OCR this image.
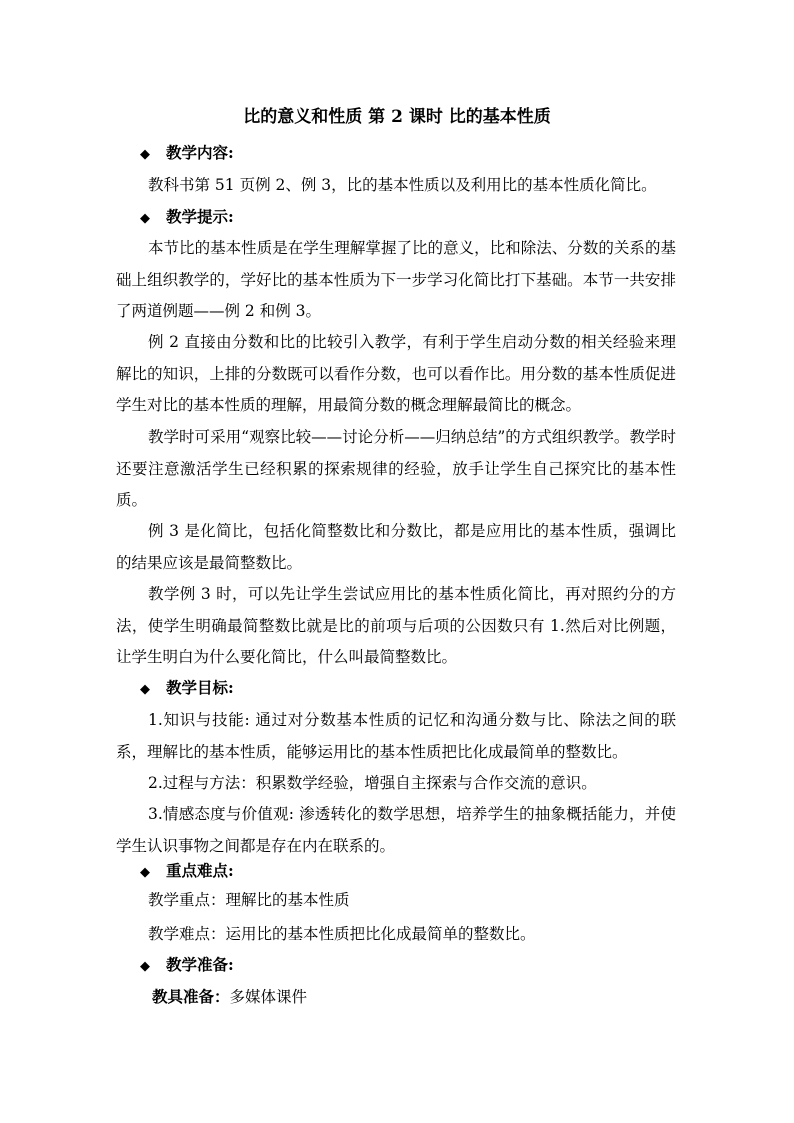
比的意义和性质 第 2 课时 比的基本性质
◆ 教学内容:
教科书第 51 页例 2、例 3，比的基本性质以及利用比的基本性质化简比。
◆ 教学提示:
本节比的基本性质是在学生理解掌握了比的意义，比和除法、分数的关系的基础上组织教学的，学好比的基本性质为下一步学习化简比打下基础。本节一共安排了两道例题——例 2 和例 3。
例 2 直接由分数和比的比较引入教学，有利于学生启动分数的相关经验来理解比的知识，上排的分数既可以看作分数，也可以看作比。用分数的基本性质促进学生对比的基本性质的理解，用最简分数的概念理解最简比的概念。
教学时可采用“观察比较——讨论分析——归纳总结”的方式组织教学。教学时还要注意激活学生已经积累的探索规律的经验，放手让学生自己探究比的基本性质。
例 3 是化简比，包括化简整数比和分数比，都是应用比的基本性质，强调比的结果应该是最简整数比。
教学例 3 时，可以先让学生尝试应用比的基本性质化简比，再对照约分的方法，使学生明确最简整数比就是比的前项与后项的公因数只有 1.然后对比例题，让学生明白为什么要化简比，什么叫最简整数比。
◆ 教学目标:
1.知识与技能: 通过对分数基本性质的记忆和沟通分数与比、除法之间的联系，理解比的基本性质，能够运用比的基本性质把比化成最简单的整数比。
2.过程与方法：积累数学经验，增强自主探索与合作交流的意识。
3.情感态度与价值观: 渗透转化的数学思想，培养学生的抽象概括能力，并使学生认识事物之间都是存在内在联系的。
◆ 重点难点:
教学重点：理解比的基本性质
教学难点：运用比的基本性质把比化成最简单的整数比。
◆ 教学准备:
教具准备：多媒体课件
